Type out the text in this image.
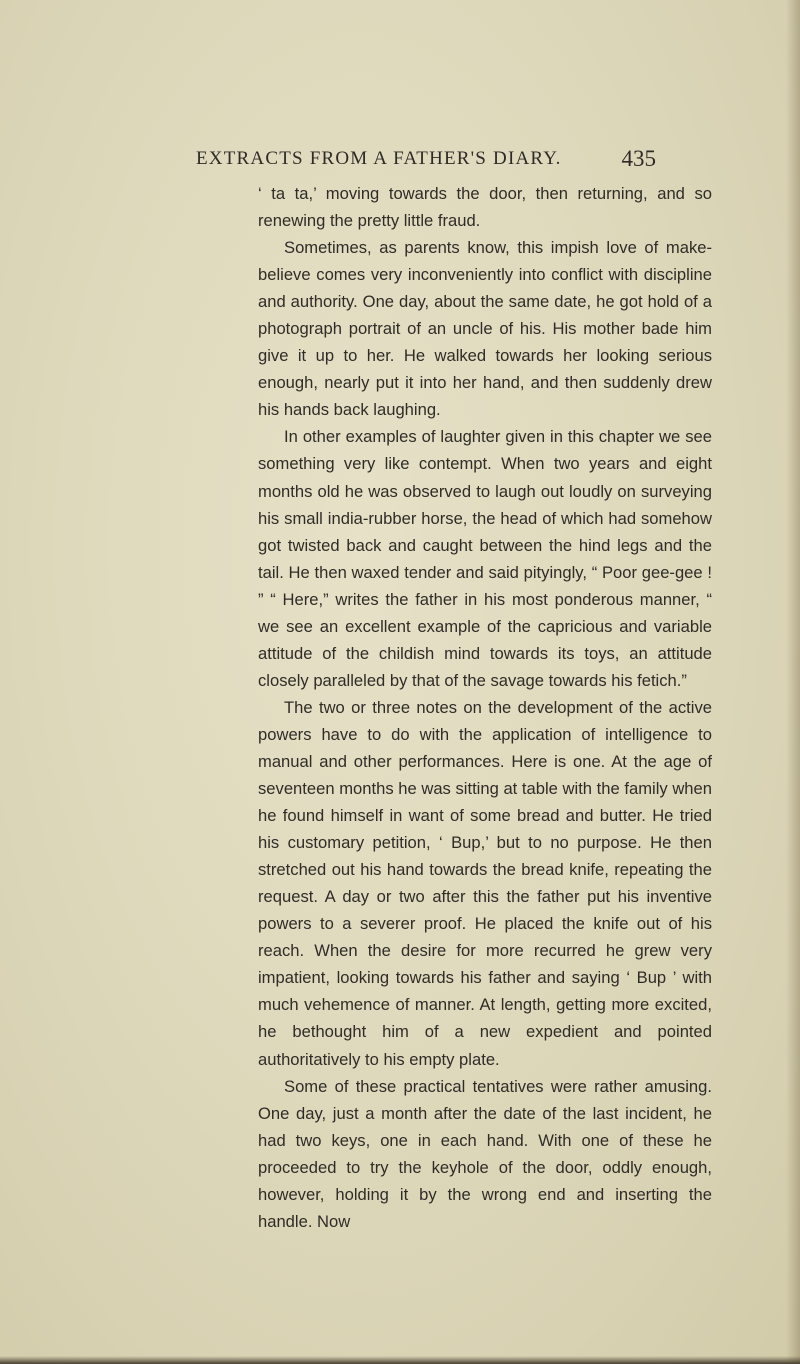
EXTRACTS FROM A FATHER'S DIARY.	435

‘ ta ta,’ moving towards the door, then returning, and so renewing the pretty little fraud.

Sometimes, as parents know, this impish love of make-believe comes very inconveniently into conflict with discipline and authority. One day, about the same date, he got hold of a photograph portrait of an uncle of his. His mother bade him give it up to her. He walked towards her looking serious enough, nearly put it into her hand, and then suddenly drew his hands back laughing.

In other examples of laughter given in this chapter we see something very like contempt. When two years and eight months old he was observed to laugh out loudly on surveying his small india-rubber horse, the head of which had somehow got twisted back and caught between the hind legs and the tail. He then waxed tender and said pityingly, “ Poor gee-gee ! ” “ Here,” writes the father in his most ponderous manner, “ we see an excellent example of the capricious and variable attitude of the childish mind towards its toys, an attitude closely paralleled by that of the savage towards his fetich.”

The two or three notes on the development of the active powers have to do with the application of intelligence to manual and other performances. Here is one. At the age of seventeen months he was sitting at table with the family when he found himself in want of some bread and butter. He tried his customary petition, ‘ Bup,’ but to no purpose. He then stretched out his hand towards the bread knife, repeating the request. A day or two after this the father put his inventive powers to a severer proof. He placed the knife out of his reach. When the desire for more recurred he grew very impatient, looking towards his father and saying ‘ Bup ’ with much vehemence of manner. At length, getting more excited, he bethought him of a new expedient and pointed authoritatively to his empty plate.

Some of these practical tentatives were rather amusing. One day, just a month after the date of the last incident, he had two keys, one in each hand. With one of these he proceeded to try the keyhole of the door, oddly enough, however, holding it by the wrong end and inserting the handle. Now
